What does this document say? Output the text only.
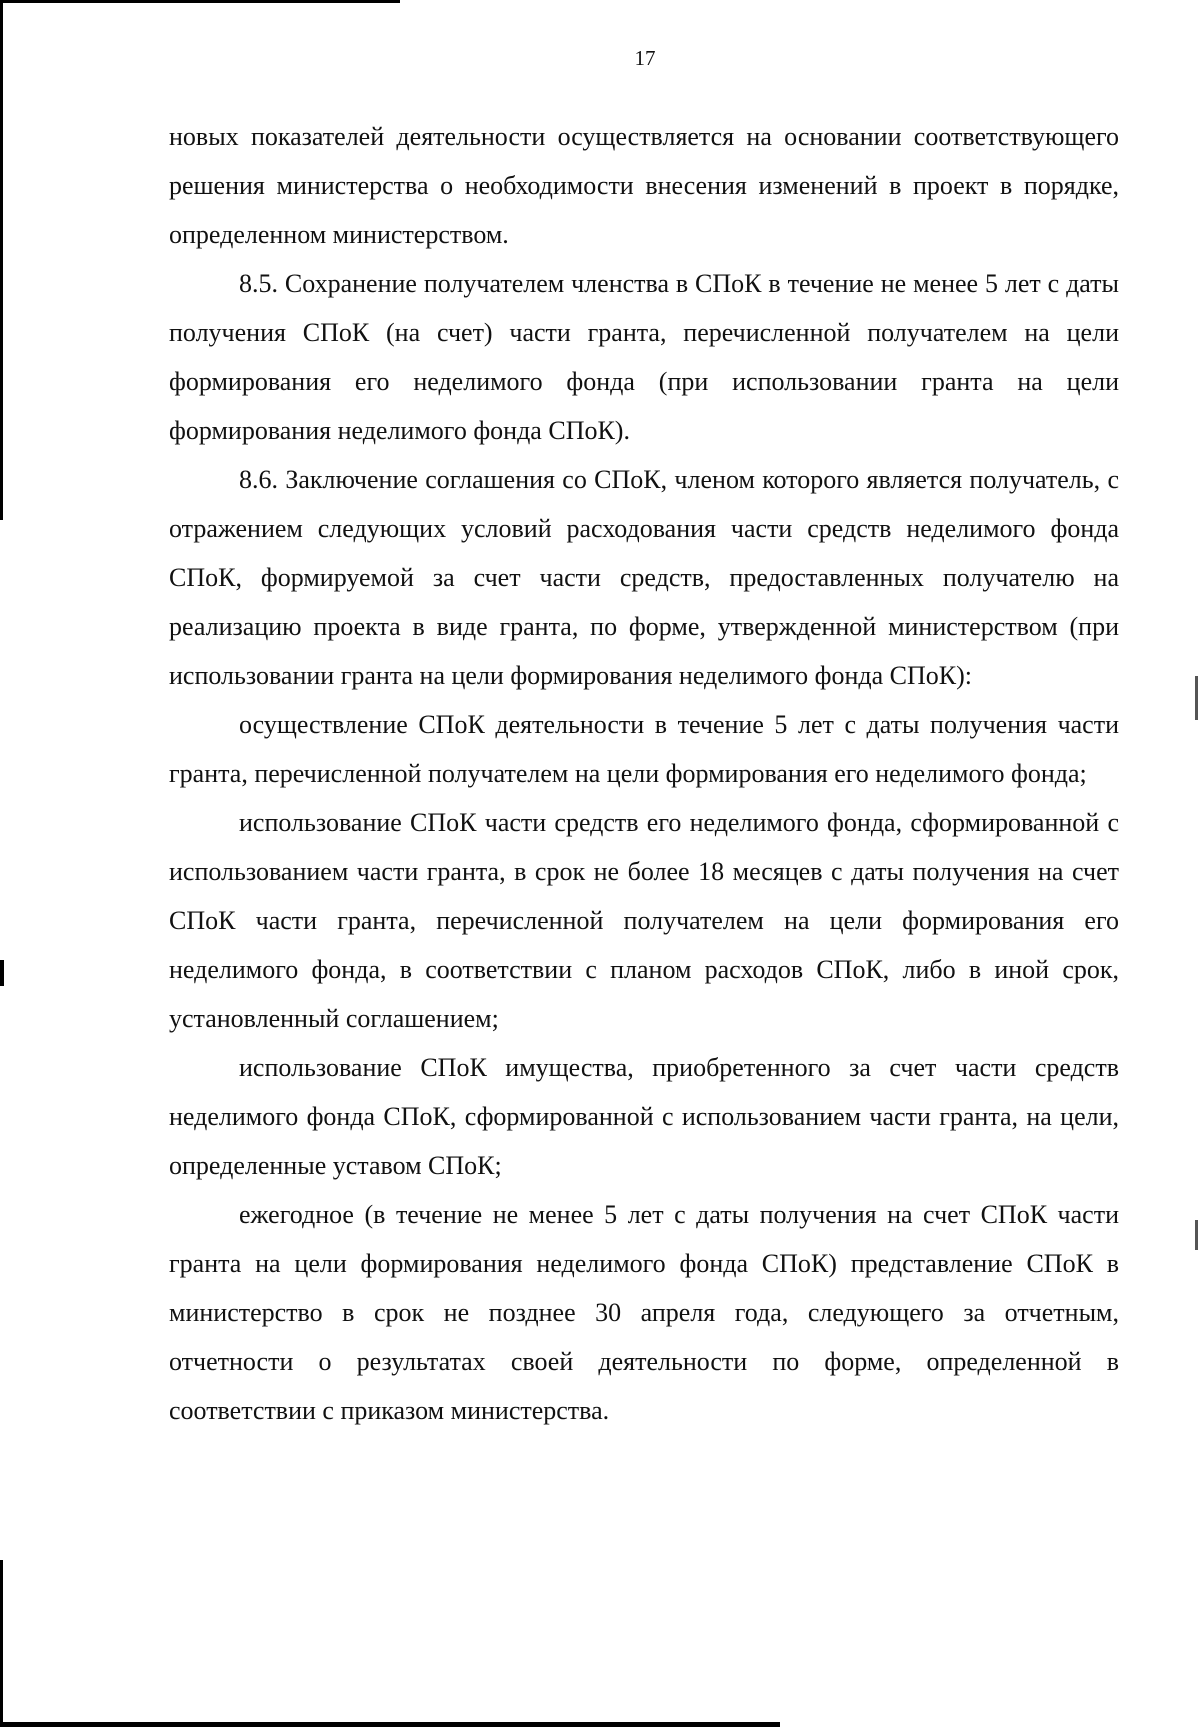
17

новых показателей деятельности осуществляется на основании соответствующего решения министерства о необходимости внесения изменений в проект в порядке, определенном министерством.

8.5. Сохранение получателем членства в СПоК в течение не менее 5 лет с даты получения СПоК (на счет) части гранта, перечисленной получателем на цели формирования его неделимого фонда (при использовании гранта на цели формирования неделимого фонда СПоК).

8.6. Заключение соглашения со СПоК, членом которого является получатель, с отражением следующих условий расходования части средств неделимого фонда СПоК, формируемой за счет части средств, предоставленных получателю на реализацию проекта в виде гранта, по форме, утвержденной министерством (при использовании гранта на цели формирования неделимого фонда СПоК):

осуществление СПоК деятельности в течение 5 лет с даты получения части гранта, перечисленной получателем на цели формирования его неделимого фонда;

использование СПоК части средств его неделимого фонда, сформированной с использованием части гранта, в срок не более 18 месяцев с даты получения на счет СПоК части гранта, перечисленной получателем на цели формирования его неделимого фонда, в соответствии с планом расходов СПоК, либо в иной срок, установленный соглашением;

использование СПоК имущества, приобретенного за счет части средств неделимого фонда СПоК, сформированной с использованием части гранта, на цели, определенные уставом СПоК;

ежегодное (в течение не менее 5 лет с даты получения на счет СПоК части гранта на цели формирования неделимого фонда СПоК) представление СПоК в министерство в срок не позднее 30 апреля года, следующего за отчетным, отчетности о результатах своей деятельности по форме, определенной в соответствии с приказом министерства.
